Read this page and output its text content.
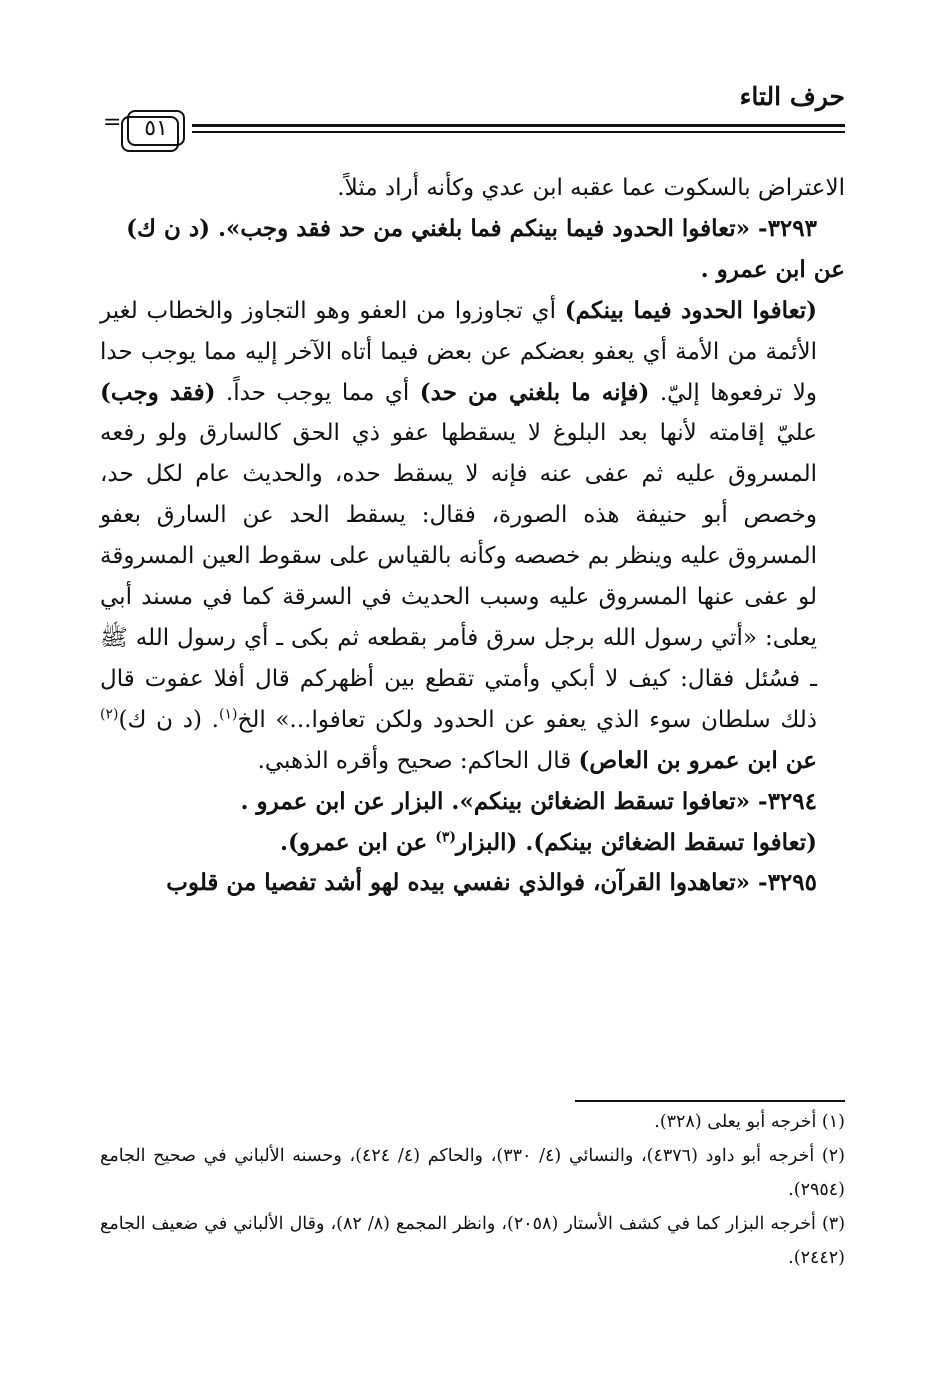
حرف التاء
=	٥١

الاعتراض بالسكوت عما عقبه ابن عدي وكأنه أراد مثلاً.

٣٢٩٣- «تعافوا الحدود فيما بينكم فما بلغني من حد فقد وجب». (د ن ك)

عن ابن عمرو .

(تعافوا الحدود فيما بينكم) أي تجاوزوا من العفو وهو التجاوز والخطاب لغير الأئمة من الأمة أي يعفو بعضكم عن بعض فيما أتاه الآخر إليه مما يوجب حدا ولا ترفعوها إليّ. (فإنه ما بلغني من حد) أي مما يوجب حداً. (فقد وجب) عليّ إقامته لأنها بعد البلوغ لا يسقطها عفو ذي الحق كالسارق ولو رفعه المسروق عليه ثم عفى عنه فإنه لا يسقط حده، والحديث عام لكل حد، وخصص أبو حنيفة هذه الصورة، فقال: يسقط الحد عن السارق بعفو المسروق عليه وينظر بم خصصه وكأنه بالقياس على سقوط العين المسروقة لو عفى عنها المسروق عليه وسبب الحديث في السرقة كما في مسند أبي يعلى: «أتي رسول الله برجل سرق فأمر بقطعه ثم بكى ـ أي رسول الله ﷺ ـ فسُئل فقال: كيف لا أبكي وأمتي تقطع بين أظهركم قال أفلا عفوت قال ذلك سلطان سوء الذي يعفو عن الحدود ولكن تعافوا...» الخ$^{(١)}$. (د ن ك)$^{(٢)}$ عن ابن عمرو بن العاص) قال الحاكم: صحيح وأقره الذهبي.

٣٢٩٤- «تعافوا تسقط الضغائن بينكم». البزار عن ابن عمرو .

(تعافوا تسقط الضغائن بينكم). (البزار$^{(٣)}$ عن ابن عمرو).

٣٢٩٥- «تعاهدوا القرآن، فوالذي نفسي بيده لهو أشد تفصيا من قلوب

(١) أخرجه أبو يعلى (٣٢٨).

(٢) أخرجه أبو داود (٤٣٧٦)، والنسائي (٤/ ٣٣٠)، والحاكم (٤/ ٤٢٤)، وحسنه الألباني في صحيح الجامع (٢٩٥٤).

(٣) أخرجه البزار كما في كشف الأستار (٢٠٥٨)، وانظر المجمع (٨/ ٨٢)، وقال الألباني في ضعيف الجامع (٢٤٤٢).
